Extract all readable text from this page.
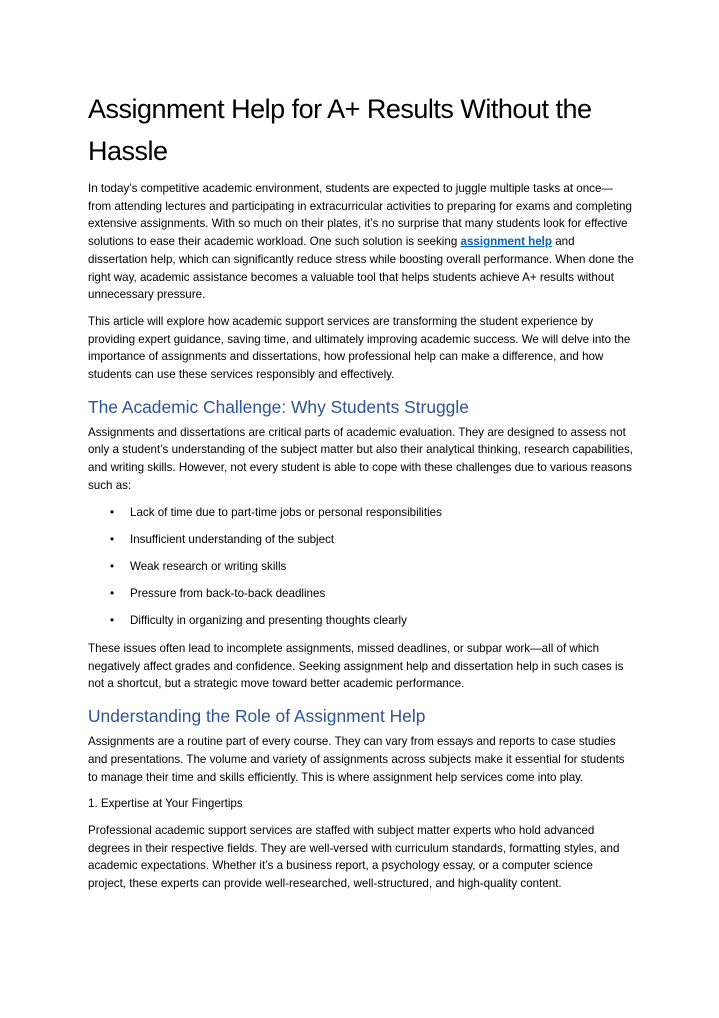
Assignment Help for A+ Results Without the Hassle

In today’s competitive academic environment, students are expected to juggle multiple tasks at once—from attending lectures and participating in extracurricular activities to preparing for exams and completing extensive assignments. With so much on their plates, it’s no surprise that many students look for effective solutions to ease their academic workload. One such solution is seeking assignment help and dissertation help, which can significantly reduce stress while boosting overall performance. When done the right way, academic assistance becomes a valuable tool that helps students achieve A+ results without unnecessary pressure.

This article will explore how academic support services are transforming the student experience by providing expert guidance, saving time, and ultimately improving academic success. We will delve into the importance of assignments and dissertations, how professional help can make a difference, and how students can use these services responsibly and effectively.

The Academic Challenge: Why Students Struggle

Assignments and dissertations are critical parts of academic evaluation. They are designed to assess not only a student’s understanding of the subject matter but also their analytical thinking, research capabilities, and writing skills. However, not every student is able to cope with these challenges due to various reasons such as:

• Lack of time due to part-time jobs or personal responsibilities
• Insufficient understanding of the subject
• Weak research or writing skills
• Pressure from back-to-back deadlines
• Difficulty in organizing and presenting thoughts clearly

These issues often lead to incomplete assignments, missed deadlines, or subpar work—all of which negatively affect grades and confidence. Seeking assignment help and dissertation help in such cases is not a shortcut, but a strategic move toward better academic performance.

Understanding the Role of Assignment Help

Assignments are a routine part of every course. They can vary from essays and reports to case studies and presentations. The volume and variety of assignments across subjects make it essential for students to manage their time and skills efficiently. This is where assignment help services come into play.

1. Expertise at Your Fingertips

Professional academic support services are staffed with subject matter experts who hold advanced degrees in their respective fields. They are well-versed with curriculum standards, formatting styles, and academic expectations. Whether it’s a business report, a psychology essay, or a computer science project, these experts can provide well-researched, well-structured, and high-quality content.
